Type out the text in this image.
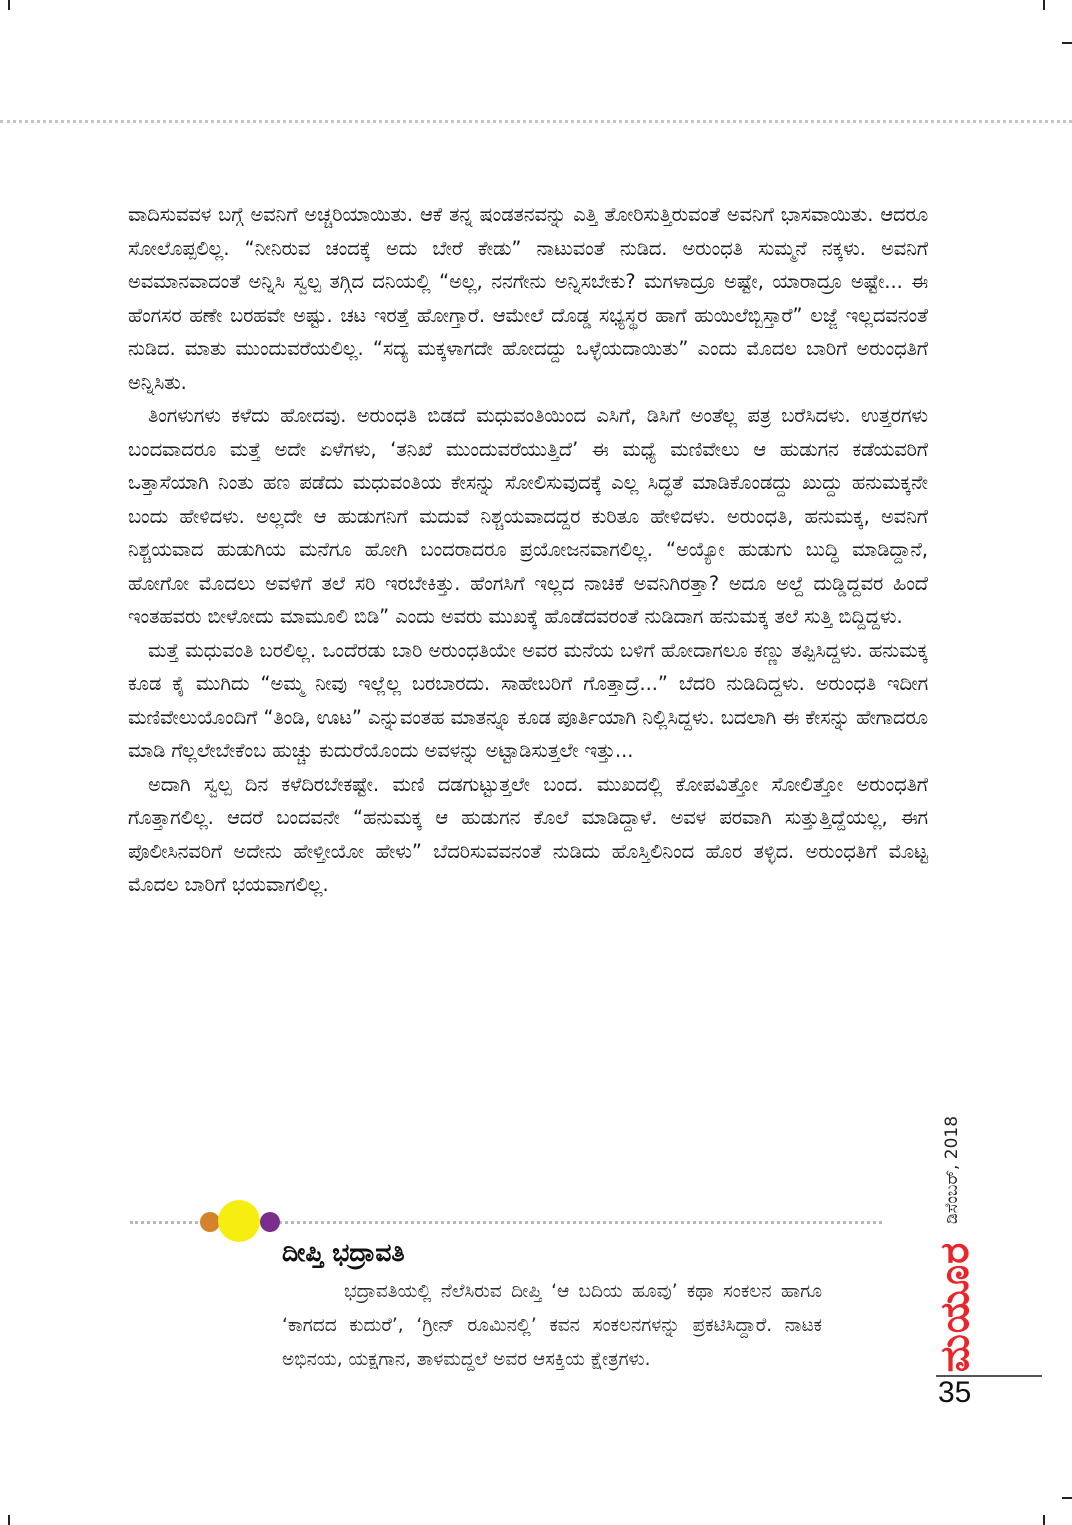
ವಾದಿಸುವವಳ ಬಗ್ಗೆ ಅವನಿಗೆ ಅಚ್ಚರಿಯಾಯಿತು. ಆಕೆ ತನ್ನ ಷಂಡತನವನ್ನು ಎತ್ತಿ ತೋರಿಸುತ್ತಿರುವಂತೆ ಅವನಿಗೆ ಭಾಸವಾಯಿತು. ಆದರೂ ಸೋಲೊಪ್ಪಲಿಲ್ಲ. “ನೀನಿರುವ ಚಂದಕ್ಕೆ ಅದು ಬೇರೆ ಕೇಡು” ನಾಟುವಂತೆ ನುಡಿದ. ಅರುಂಧತಿ ಸುಮ್ಮನೆ ನಕ್ಕಳು. ಅವನಿಗೆ ಅವಮಾನವಾದಂತೆ ಅನ್ನಿಸಿ ಸ್ವಲ್ಪ ತಗ್ಗಿದ ದನಿಯಲ್ಲಿ “ಅಲ್ಲ, ನನಗೇನು ಅನ್ನಿಸಬೇಕು? ಮಗಳಾದ್ರೂ ಅಷ್ಟೇ, ಯಾರಾದ್ರೂ ಅಷ್ಟೇ... ಈ ಹೆಂಗಸರ ಹಣೇ ಬರಹವೇ ಅಷ್ಟು. ಚಟ ಇರತ್ತೆ ಹೋಗ್ತಾರೆ. ಆಮೇಲೆ ದೊಡ್ಡ ಸಭ್ಯಸ್ಥರ ಹಾಗೆ ಹುಯಿಲೆಬ್ಬಿಸ್ತಾರೆ” ಲಜ್ಜೆ ಇಲ್ಲದವನಂತೆ ನುಡಿದ. ಮಾತು ಮುಂದುವರೆಯಲಿಲ್ಲ. “ಸದ್ಯ ಮಕ್ಕಳಾಗದೇ ಹೋದದ್ದು ಒಳ್ಳೆಯದಾಯಿತು” ಎಂದು ಮೊದಲ ಬಾರಿಗೆ ಅರುಂಧತಿಗೆ ಅನ್ನಿಸಿತು.

ತಿಂಗಳುಗಳು ಕಳೆದು ಹೋದವು. ಅರುಂಧತಿ ಬಿಡದೆ ಮಧುವಂತಿಯಿಂದ ಎಸಿಗೆ, ಡಿಸಿಗೆ ಅಂತೆಲ್ಲ ಪತ್ರ ಬರೆಸಿದಳು. ಉತ್ತರಗಳು ಬಂದವಾದರೂ ಮತ್ತೆ ಅದೇ ಏಳೆಗಳು, ‘ತನಿಖೆ ಮುಂದುವರೆಯುತ್ತಿದೆ’ ಈ ಮಧ್ಯೆ ಮಣಿವೇಲು ಆ ಹುಡುಗನ ಕಡೆಯವರಿಗೆ ಒತ್ತಾಸೆಯಾಗಿ ನಿಂತು ಹಣ ಪಡೆದು ಮಧುವಂತಿಯ ಕೇಸನ್ನು ಸೋಲಿಸುವುದಕ್ಕೆ ಎಲ್ಲ ಸಿದ್ಧತೆ ಮಾಡಿಕೊಂಡದ್ದು ಖುದ್ದು ಹನುಮಕ್ಕನೇ ಬಂದು ಹೇಳಿದಳು. ಅಲ್ಲದೇ ಆ ಹುಡುಗನಿಗೆ ಮದುವೆ ನಿಶ್ಚಯವಾದದ್ದರ ಕುರಿತೂ ಹೇಳಿದಳು. ಅರುಂಧತಿ, ಹನುಮಕ್ಕ, ಅವನಿಗೆ ನಿಶ್ಚಯವಾದ ಹುಡುಗಿಯ ಮನೆಗೂ ಹೋಗಿ ಬಂದರಾದರೂ ಪ್ರಯೋಜನವಾಗಲಿಲ್ಲ. “ಅಯ್ಯೋ ಹುಡುಗು ಬುದ್ಧಿ ಮಾಡಿದ್ದಾನೆ, ಹೋಗೋ ಮೊದಲು ಅವಳಿಗೆ ತಲೆ ಸರಿ ಇರಬೇಕಿತ್ತು. ಹೆಂಗಸಿಗೆ ಇಲ್ಲದ ನಾಚಿಕೆ ಅವನಿಗಿರತ್ತಾ? ಅದೂ ಅಲ್ದೆ ದುಡ್ಡಿದ್ದವರ ಹಿಂದೆ ಇಂತಹವರು ಬೀಳೋದು ಮಾಮೂಲಿ ಬಿಡಿ” ಎಂದು ಅವರು ಮುಖಕ್ಕೆ ಹೊಡೆದವರಂತೆ ನುಡಿದಾಗ ಹನುಮಕ್ಕ ತಲೆ ಸುತ್ತಿ ಬಿದ್ದಿದ್ದಳು.

ಮತ್ತೆ ಮಧುವಂತಿ ಬರಲಿಲ್ಲ. ಒಂದೆರಡು ಬಾರಿ ಅರುಂಧತಿಯೇ ಅವರ ಮನೆಯ ಬಳಿಗೆ ಹೋದಾಗಲೂ ಕಣ್ಣು ತಪ್ಪಿಸಿದ್ದಳು. ಹನುಮಕ್ಕ ಕೂಡ ಕೈ ಮುಗಿದು “ಅಮ್ಮ ನೀವು ಇಲ್ಲೆಲ್ಲ ಬರಬಾರದು. ಸಾಹೇಬರಿಗೆ ಗೊತ್ತಾದ್ರೆ...” ಬೆದರಿ ನುಡಿದಿದ್ದಳು. ಅರುಂಧತಿ ಇದೀಗ ಮಣಿವೇಲುಯೊಂದಿಗೆ “ತಿಂಡಿ, ಊಟ” ಎನ್ನುವಂತಹ ಮಾತನ್ನೂ ಕೂಡ ಪೂರ್ತಿಯಾಗಿ ನಿಲ್ಲಿಸಿದ್ದಳು. ಬದಲಾಗಿ ಈ ಕೇಸನ್ನು ಹೇಗಾದರೂ ಮಾಡಿ ಗೆಲ್ಲಲೇಬೇಕೆಂಬ ಹುಚ್ಚು ಕುದುರೆಯೊಂದು ಅವಳನ್ನು ಅಟ್ಟಾಡಿಸುತ್ತಲೇ ಇತ್ತು...

ಅದಾಗಿ ಸ್ವಲ್ಪ ದಿನ ಕಳೆದಿರಬೇಕಷ್ಟೇ. ಮಣಿ ದಡಗುಟ್ಟುತ್ತಲೇ ಬಂದ. ಮುಖದಲ್ಲಿ ಕೋಪವಿತ್ತೋ ಸೋಲಿತ್ತೋ ಅರುಂಧತಿಗೆ ಗೊತ್ತಾಗಲಿಲ್ಲ. ಆದರೆ ಬಂದವನೇ “ಹನುಮಕ್ಕ ಆ ಹುಡುಗನ ಕೊಲೆ ಮಾಡಿದ್ದಾಳೆ. ಅವಳ ಪರವಾಗಿ ಸುತ್ತುತ್ತಿದ್ದೆಯಲ್ಲ, ಈಗ ಪೊಲೀಸಿನವರಿಗೆ ಅದೇನು ಹೇಳ್ತೀಯೋ ಹೇಳು” ಬೆದರಿಸುವವನಂತೆ ನುಡಿದು ಹೊಸ್ತಿಲಿನಿಂದ ಹೊರ ತಳ್ಳಿದ. ಅರುಂಧತಿಗೆ ಮೊಟ್ಟ ಮೊದಲ ಬಾರಿಗೆ ಭಯವಾಗಲಿಲ್ಲ.

ದೀಪ್ತಿ ಭದ್ರಾವತಿ

ಭದ್ರಾವತಿಯಲ್ಲಿ ನೆಲೆಸಿರುವ ದೀಪ್ತಿ ‘ಆ ಬದಿಯ ಹೂವು’ ಕಥಾ ಸಂಕಲನ ಹಾಗೂ ‘ಕಾಗದದ ಕುದುರೆ’, ‘ಗ್ರೀನ್ ರೂಮಿನಲ್ಲಿ’ ಕವನ ಸಂಕಲನಗಳನ್ನು ಪ್ರಕಟಿಸಿದ್ದಾರೆ. ನಾಟಕ ಅಭಿನಯ, ಯಕ್ಷಗಾನ, ತಾಳಮದ್ದಲೆ ಅವರ ಆಸಕ್ತಿಯ ಕ್ಷೇತ್ರಗಳು.

ಡಿಸೆಂಬರ್, 2018
ಮಯೂರ
35
